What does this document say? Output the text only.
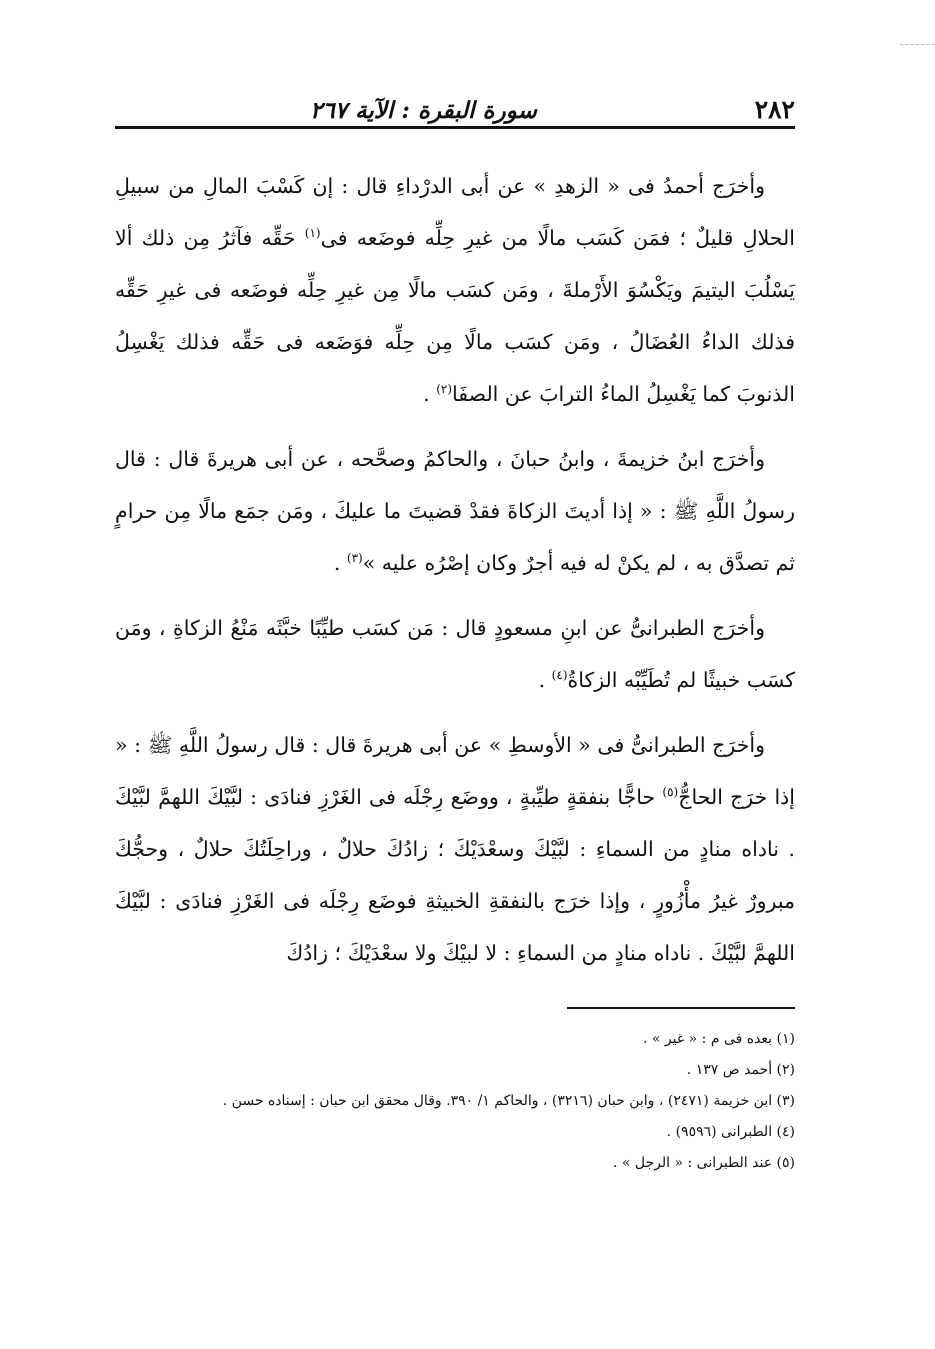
٢٨٢
سورة البقرة : الآية ٢٦٧

وأخرَج أحمدُ فى « الزهدِ » عن أبى الدرْداءِ قال : إن كَسْبَ المالِ من سبيلِ الحلالِ قليلٌ ؛ فمَن كَسَب مالًا من غيرِ حِلِّه فوضَعه فى$^{(١)}$ حَقِّه فآثرُ مِن ذلك ألا يَسْلُبَ اليتيمَ ويَكْسُوَ الأَرْملةَ ، ومَن كسَب مالًا مِن غيرِ حِلِّه فوضَعه فى غيرِ حَقِّه فذلك الداءُ العُضَالُ ، ومَن كسَب مالًا مِن حِلِّه فوَضَعه فى حَقِّه فذلك يَغْسِلُ الذنوبَ كما يَغْسِلُ الماءُ الترابَ عن الصفَا$^{(٢)}$ .

وأخرَج ابنُ خزيمةَ ، وابنُ حبانَ ، والحاكمُ وصحَّحه ، عن أبى هريرةَ قال : قال رسولُ اللَّهِ ﷺ : « إذا أديتَ الزكاةَ فقدْ قضيتَ ما عليكَ ، ومَن جمَع مالًا مِن حرامٍ ثم تصدَّق به ، لم يكنْ له فيه أجرٌ وكان إصْرُه عليه »$^{(٣)}$ .

وأخرَج الطبرانىُّ عن ابنِ مسعودٍ قال : مَن كسَب طيِّبًا خبَّثَه مَنْعُ الزكاةِ ، ومَن كسَب خبيثًا لم تُطَيِّبْه الزكاةُ$^{(٤)}$ .

وأخرَج الطبرانىُّ فى « الأوسطِ » عن أبى هريرةَ قال : قال رسولُ اللَّهِ ﷺ : « إذا خرَج الحاجُّ$^{(٥)}$ حاجًّا بنفقةٍ طيِّبةٍ ، ووضَع رِجْلَه فى الغَرْزِ فنادَى : لبَّيْكَ اللهمَّ لبَّيْكَ . ناداه منادٍ من السماءِ : لبَّيْكَ وسعْدَيْكَ ؛ زادُكَ حلالٌ ، وراحِلَتُكَ حلالٌ ، وحجُّكَ مبرورٌ غيرُ مأْزُورٍ ، وإذا خرَج بالنفقةِ الخبيثةِ فوضَع رِجْلَه فى الغَرْزِ فنادَى : لبَّيْكَ اللهمَّ لبَّيْكَ . ناداه منادٍ من السماءِ : لا لبيْكَ ولا سعْدَيْكَ ؛ زادُكَ

(١) بعده فى م : « غير » .

(٢) أحمد ص ١٣٧ .

(٣) ابن خزيمة (٢٤٧١) ، وابن حبان (٣٢١٦) ، والحاكم ١/ ٣٩٠. وقال محقق ابن حبان : إسناده حسن .

(٤) الطبرانى (٩٥٩٦) .

(٥) عند الطبرانى : « الرجل » .
